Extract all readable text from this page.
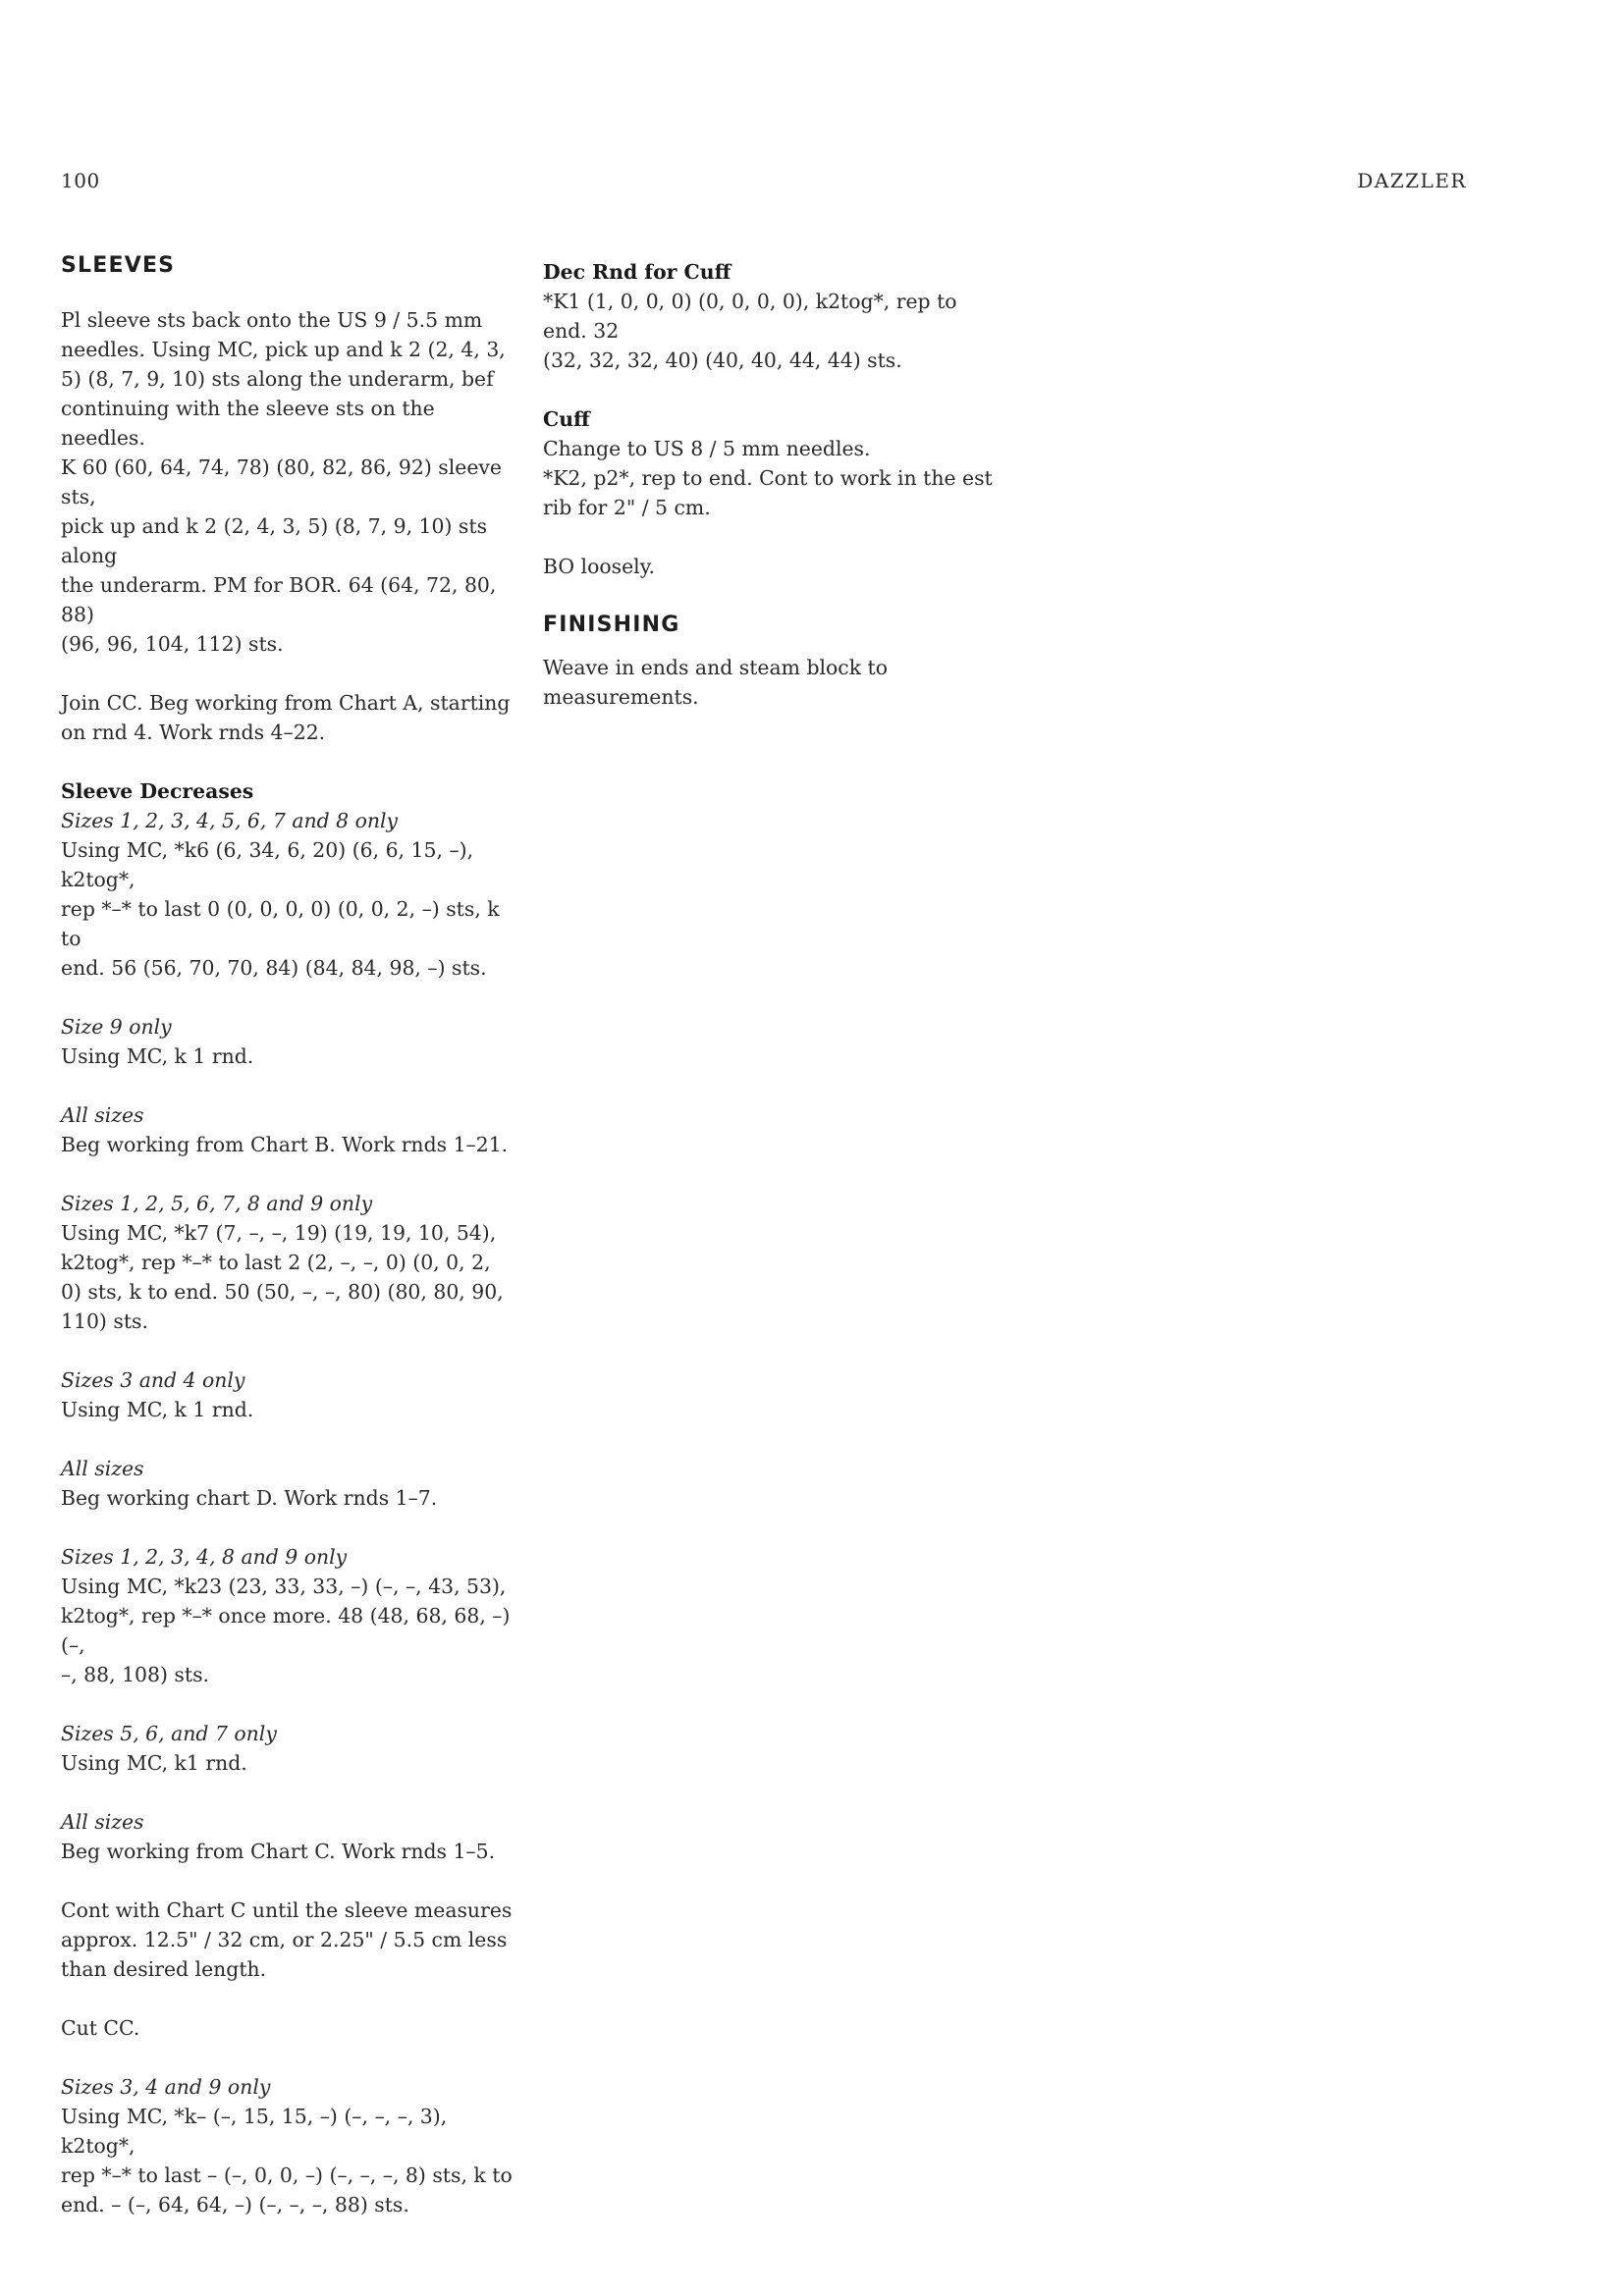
100	DAZZLER
SLEEVES

Pl sleeve sts back onto the US 9 / 5.5 mm

needles. Using MC, pick up and k 2 (2, 4, 3,

5) (8, 7, 9, 10) sts along the underarm, bef

continuing with the sleeve sts on the needles.

K 60 (60, 64, 74, 78) (80, 82, 86, 92) sleeve sts,

pick up and k 2 (2, 4, 3, 5) (8, 7, 9, 10) sts along

the underarm. PM for BOR. 64 (64, 72, 80, 88)

(96, 96, 104, 112) sts.

Join CC. Beg working from Chart A, starting

on rnd 4. Work rnds 4–22.

Sleeve Decreases

Sizes 1, 2, 3, 4, 5, 6, 7 and 8 only

Using MC, *k6 (6, 34, 6, 20) (6, 6, 15, –), k2tog*,

rep *–* to last 0 (0, 0, 0, 0) (0, 0, 2, –) sts, k to

end. 56 (56, 70, 70, 84) (84, 84, 98, –) sts.

Size 9 only

Using MC, k 1 rnd.

All sizes

Beg working from Chart B. Work rnds 1–21.

Sizes 1, 2, 5, 6, 7, 8 and 9 only

Using MC, *k7 (7, –, –, 19) (19, 19, 10, 54),

k2tog*, rep *–* to last 2 (2, –, –, 0) (0, 0, 2,

0) sts, k to end. 50 (50, –, –, 80) (80, 80, 90,

110) sts.

Sizes 3 and 4 only

Using MC, k 1 rnd.

All sizes

Beg working chart D. Work rnds 1–7.

Sizes 1, 2, 3, 4, 8 and 9 only

Using MC, *k23 (23, 33, 33, –) (–, –, 43, 53),

k2tog*, rep *–* once more. 48 (48, 68, 68, –) (–,

–, 88, 108) sts.

Sizes 5, 6, and 7 only

Using MC, k1 rnd.

All sizes

Beg working from Chart C. Work rnds 1–5.

Cont with Chart C until the sleeve measures

approx. 12.5" / 32 cm, or 2.25" / 5.5 cm less

than desired length.

Cut CC.

Sizes 3, 4 and 9 only

Using MC, *k– (–, 15, 15, –) (–, –, –, 3), k2tog*,

rep *–* to last – (–, 0, 0, –) (–, –, –, 8) sts, k to

end. – (–, 64, 64, –) (–, –, –, 88) sts.

Dec Rnd for Cuff

*K1 (1, 0, 0, 0) (0, 0, 0, 0), k2tog*, rep to end. 32

(32, 32, 32, 40) (40, 40, 44, 44) sts.

Cuff

Change to US 8 / 5 mm needles.

*K2, p2*, rep to end. Cont to work in the est

rib for 2" / 5 cm.

BO loosely.

FINISHING

Weave in ends and steam block to

measurements.
